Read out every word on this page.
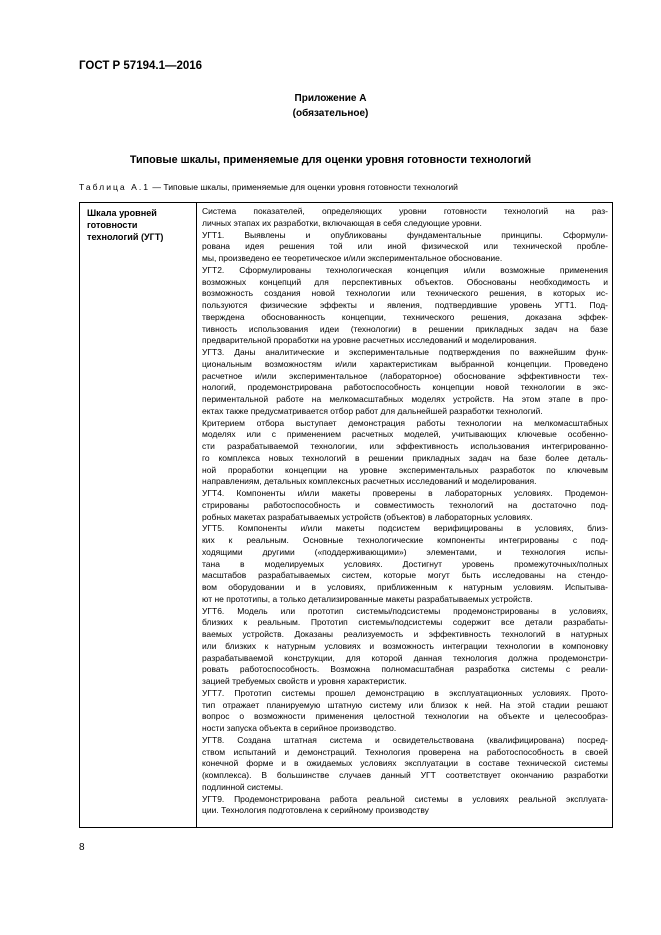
ГОСТ Р 57194.1—2016
Приложение А
(обязательное)
Типовые шкалы, применяемые для оценки уровня готовности технологий
Таблица А.1 — Типовые шкалы, применяемые для оценки уровня готовности технологий
Шкала уровней готовности технологий (УГТ)
Система показателей, определяющих уровни готовности технологий на раз-
личных этапах их разработки, включающая в себя следующие уровни.
УГТ1. Выявлены и опубликованы фундаментальные принципы. Сформули-
рована идея решения той или иной физической или технической пробле-
мы, произведено ее теоретическое и/или экспериментальное обоснование.
УГТ2. Сформулированы технологическая концепция и/или возможные применения
возможных концепций для перспективных объектов. Обоснованы необходимость и
возможность создания новой технологии или технического решения, в которых ис-
пользуются физические эффекты и явления, подтвердившие уровень УГТ1. Под-
тверждена обоснованность концепции, технического решения, доказана эффек-
тивность использования идеи (технологии) в решении прикладных задач на базе
предварительной проработки на уровне расчетных исследований и моделирования.
УГТ3. Даны аналитические и экспериментальные подтверждения по важнейшим функ-
циональным возможностям и/или характеристикам выбранной концепции. Проведено
расчетное и/или экспериментальное (лабораторное) обоснование эффективности тех-
нологий, продемонстрирована работоспособность концепции новой технологии в экс-
периментальной работе на мелкомасштабных моделях устройств. На этом этапе в про-
ектах также предусматривается отбор работ для дальнейшей разработки технологий.
Критерием отбора выступает демонстрация работы технологии на мелкомасштабных
моделях или с применением расчетных моделей, учитывающих ключевые особенно-
сти разрабатываемой технологии, или эффективность использования интегрированно-
го комплекса новых технологий в решении прикладных задач на базе более деталь-
ной проработки концепции на уровне экспериментальных разработок по ключевым
направлениям, детальных комплексных расчетных исследований и моделирования.
УГТ4. Компоненты и/или макеты проверены в лабораторных условиях. Продемон-
стрированы работоспособность и совместимость технологий на достаточно под-
робных макетах разрабатываемых устройств (объектов) в лабораторных условиях.
УГТ5. Компоненты и/или макеты подсистем верифицированы в условиях, близ-
ких к реальным. Основные технологические компоненты интегрированы с под-
ходящими другими («поддерживающими») элементами, и технология испы-
тана в моделируемых условиях. Достигнут уровень промежуточных/полных
масштабов разрабатываемых систем, которые могут быть исследованы на стендо-
вом оборудовании и в условиях, приближенным к натурным условиям. Испытыва-
ют не прототипы, а только детализированные макеты разрабатываемых устройств.
УГТ6. Модель или прототип системы/подсистемы продемонстрированы в условиях,
близких к реальным. Прототип системы/подсистемы содержит все детали разрабаты-
ваемых устройств. Доказаны реализуемость и эффективность технологий в натурных
или близких к натурным условиях и возможность интеграции технологии в компоновку
разрабатываемой конструкции, для которой данная технология должна продемонстри-
ровать работоспособность. Возможна полномасштабная разработка системы с реали-
зацией требуемых свойств и уровня характеристик.
УГТ7. Прототип системы прошел демонстрацию в эксплуатационных условиях. Прото-
тип отражает планируемую штатную систему или близок к ней. На этой стадии решают
вопрос о возможности применения целостной технологии на объекте и целесообраз-
ности запуска объекта в серийное производство.
УГТ8. Создана штатная система и освидетельствована (квалифицирована) посред-
ством испытаний и демонстраций. Технология проверена на работоспособность в своей
конечной форме и в ожидаемых условиях эксплуатации в составе технической системы
(комплекса). В большинстве случаев данный УГТ соответствует окончанию разработки
подлинной системы.
УГТ9. Продемонстрирована работа реальной системы в условиях реальной эксплуата-
ции. Технология подготовлена к серийному производству
8
